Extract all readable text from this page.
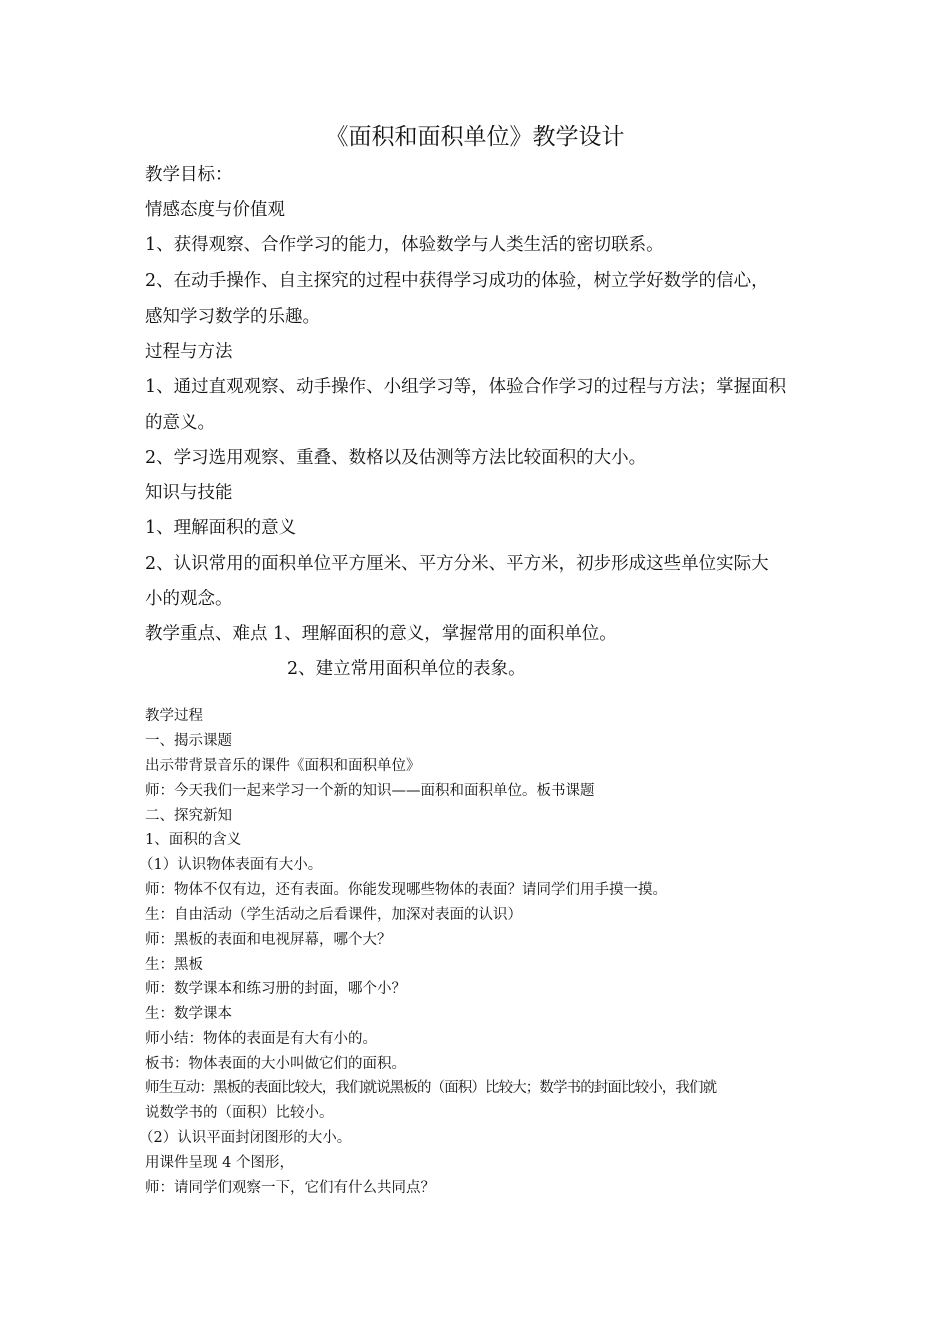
《面积和面积单位》教学设计
教学目标：
情感态度与价值观
1、获得观察、合作学习的能力，体验数学与人类生活的密切联系。
2、在动手操作、自主探究的过程中获得学习成功的体验，树立学好数学的信心，
感知学习数学的乐趣。
过程与方法
1、通过直观观察、动手操作、小组学习等，体验合作学习的过程与方法；掌握面积
的意义。
2、学习选用观察、重叠、数格以及估测等方法比较面积的大小。
知识与技能
1、理解面积的意义
2、认识常用的面积单位平方厘米、平方分米、平方米，初步形成这些单位实际大
小的观念。
教学重点、难点 1、理解面积的意义，掌握常用的面积单位。
2、建立常用面积单位的表象。
教学过程
一、揭示课题
出示带背景音乐的课件《面积和面积单位》
师：今天我们一起来学习一个新的知识——面积和面积单位。板书课题
二、探究新知
1、面积的含义
（1）认识物体表面有大小。
师：物体不仅有边，还有表面。你能发现哪些物体的表面？请同学们用手摸一摸。
生：自由活动（学生活动之后看课件，加深对表面的认识）
师：黑板的表面和电视屏幕，哪个大？
生：黑板
师：数学课本和练习册的封面，哪个小？
生：数学课本
师小结：物体的表面是有大有小的。
板书：物体表面的大小叫做它们的面积。
师生互动：黑板的表面比较大，我们就说黑板的（面积）比较大；数学书的封面比较小，我们就
说数学书的（面积）比较小。
（2）认识平面封闭图形的大小。
用课件呈现 4 个图形，
师：请同学们观察一下，它们有什么共同点？
